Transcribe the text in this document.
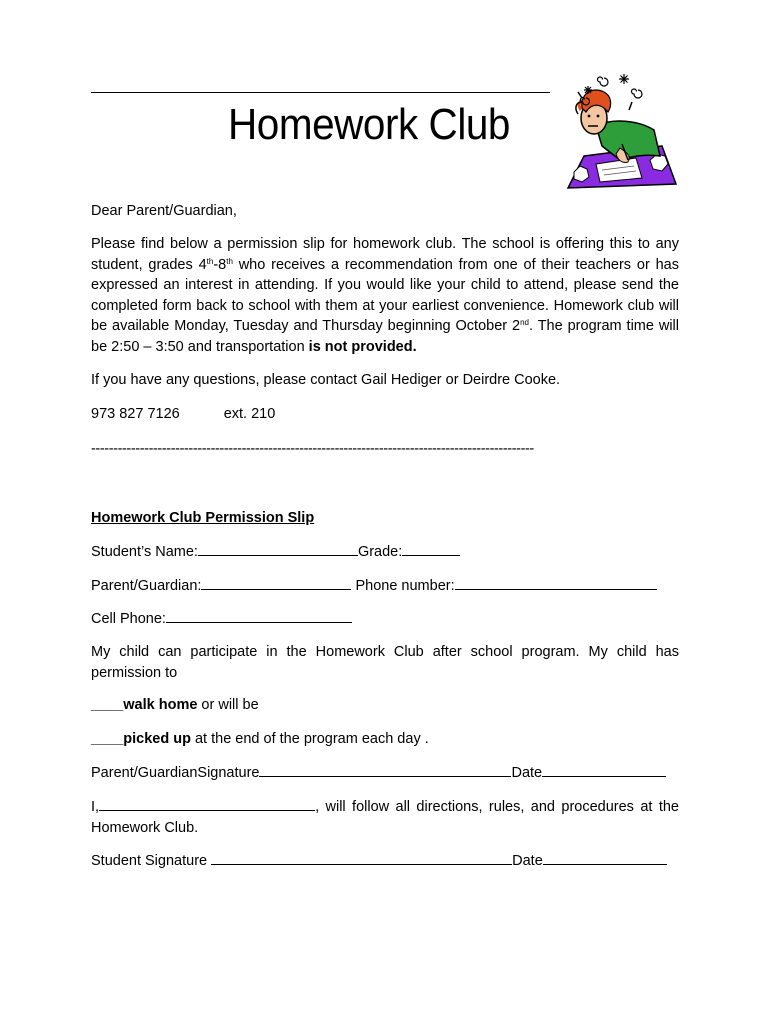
Homework Club
Dear Parent/Guardian,
Please find below a permission slip for homework club. The school is offering this to any student, grades 4th-8th who receives a recommendation from one of their teachers or has expressed an interest in attending. If you would like your child to attend, please send the completed form back to school with them at your earliest convenience. Homework club will be available Monday, Tuesday and Thursday beginning October 2nd. The program time will be 2:50 – 3:50 and transportation is not provided.
If you have any questions, please contact Gail Hediger or Deirdre Cooke.
973 827 7126	ext. 210
----------------------------------------------------------------------------------------------------
Homework Club Permission Slip
Student’s Name:	Grade:
Parent/Guardian:	Phone number:
Cell Phone:
My child can participate in the Homework Club after school program. My child has permission to
____walk home or will be
____picked up at the end of the program each day .
Parent/GuardianSignature	Date
I,	, will follow all directions, rules, and procedures at the Homework Club.
Student Signature	Date
